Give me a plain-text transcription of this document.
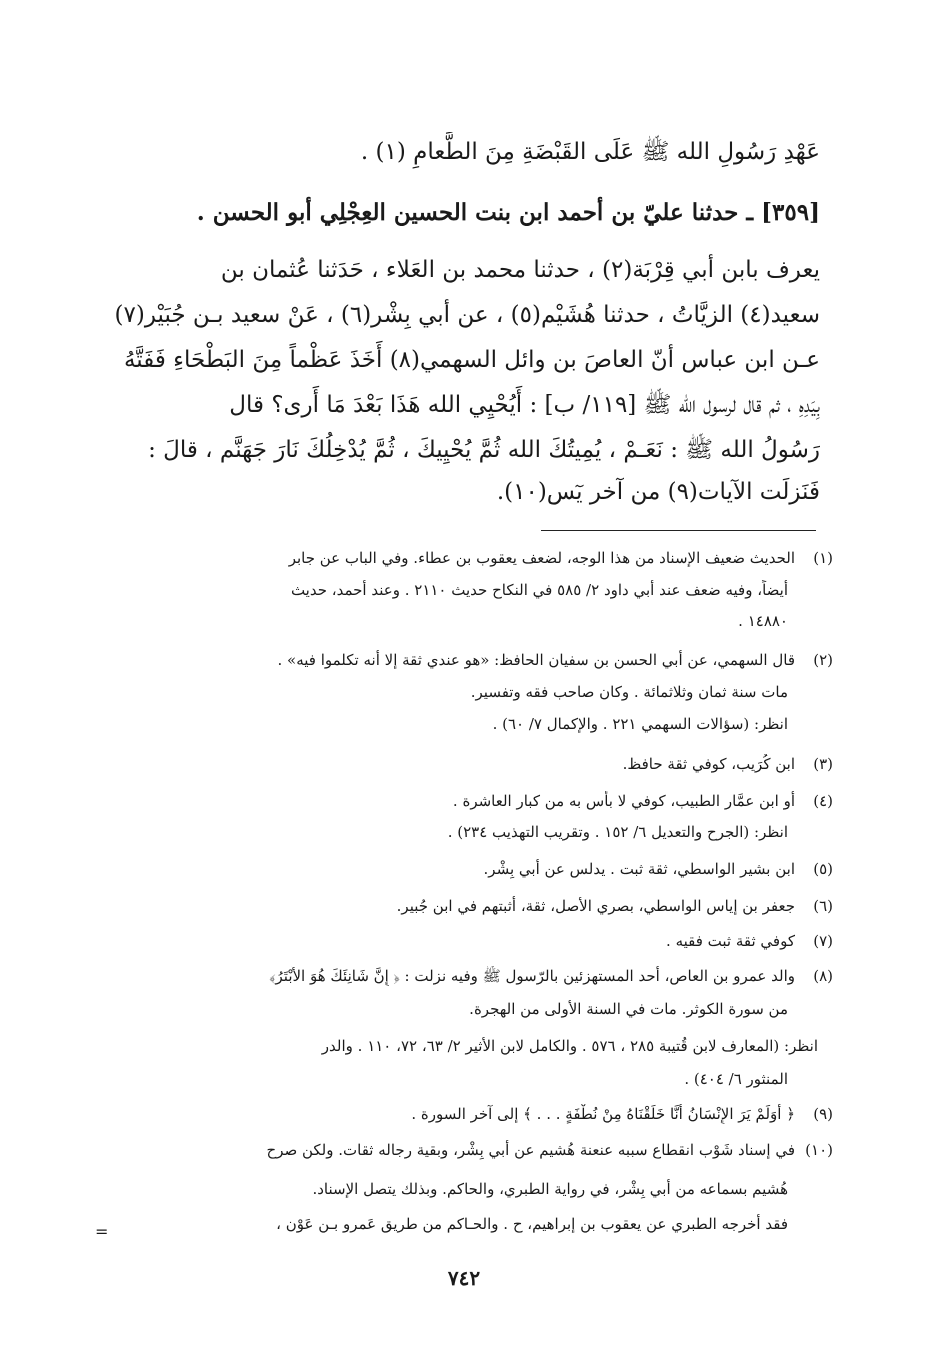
عَهْدِ رَسُولِ الله ﷺ عَلَى القَبْضَةِ مِنَ الطَّعامِ (١) .
[٣٥٩] ـ حدثنا عليّ بن أحمد ابن بنت الحسين العِجْلِي أبو الحسن .
يعرف بابن أبي قِرْبَة(٢) ، حدثنا محمد بن العَلاء ، حَدَثنا عُثمان بن
سعيد(٤) الزيَّاتُ ، حدثنا هُشَيْم(٥) ، عن أبي بِشْر(٦) ، عَنْ سعيد بـن جُبَيْر(٧)
عـن ابن عباس أنّ العاصَ بن وائل السهمي(٨) أَخَذَ عَظْماً مِنَ البَطْحَاءِ فَفَتَّهُ
بِيَدِهِ ، ثم قال لرسول الله ﷺ [١١٩/ ب] : أَيُحْيِي الله هَذَا بَعْدَ مَا أَرى؟ قال
رَسُولُ الله ﷺ : نَعَـمْ ، يُمِيتُكَ الله ثُمَّ يُحْيِيكَ ، ثُمَّ يُدْخِلُكَ نَارَ جَهَنَّم ، قالَ :
فَنَزلَت الآيات(٩) من آخر يٓس(١٠).
(١)الحديث ضعيف الإسناد من هذا الوجه، لضعف يعقوب بن عطاء. وفي الباب عن جابر
أيضاً، وفيه ضعف عند أبي داود ٢/ ٥٨٥ في النكاح حديث ٢١١٠ . وعند أحمد، حديث
١٤٨٨٠ .
(٢)قال السهمي، عن أبي الحسن بن سفيان الحافظ: «هو عندي ثقة إلا أنه تكلموا فيه» .
مات سنة ثمان وثلاثمائة . وكان صاحب فقه وتفسير.
انظر: (سؤالات السهمي ٢٢١ . والإكمال ٧/ ٦٠) .
(٣)ابن كُرَيب، كوفي ثقة حافظ.
(٤)أو ابن عمَّار الطبيب، كوفي لا بأس به من كبار العاشرة .
انظر: (الجرح والتعديل ٦/ ١٥٢ . وتقريب التهذيب ٢٣٤) .
(٥)ابن بشير الواسطي، ثقة ثبت . يدلس عن أبي بِشْر.
(٦)جعفر بن إياس الواسطي، بصري الأصل، ثقة، أثبتهم في ابن جُبير.
(٧)كوفي ثقة ثبت فقيه .
(٨)والد عمرو بن العاص، أحد المستهزئين بالرّسول ﷺ وفيه نزلت : ﴿ إِنَّ شَانِئَكَ هُوَ الأَبْتَرُ﴾
من سورة الكوثر. مات في السنة الأولى من الهجرة.
انظر: (المعارف لابن قُتيبة ٢٨٥ ، ٥٧٦ . والكامل لابن الأثير ٢/ ٦٣، ٧٢، ١١٠ . والدر
المنثور ٦/ ٤٠٤) .
(٩)﴿ أَوَلَمْ يَرَ الإِنْسَانُ أَنَّا خَلَقْنَاهُ مِنْ نُطْفَةٍ . . . ﴾ إلى آخر السورة .
(١٠)في إسناد شَوْب انقطاع سببه عنعنة هُشيم عن أبي بِشْر، وبقية رجاله ثقات. ولكن صرح
هُشيم بسماعه من أبي بِشْر، في رواية الطبري، والحاكم. وبذلك يتصل الإسناد.
فقد أخرجه الطبري عن يعقوب بن إبراهيم، ح . والحـاكم من طريق عَمرو بـن عَوْن ،
=
٧٤٢
